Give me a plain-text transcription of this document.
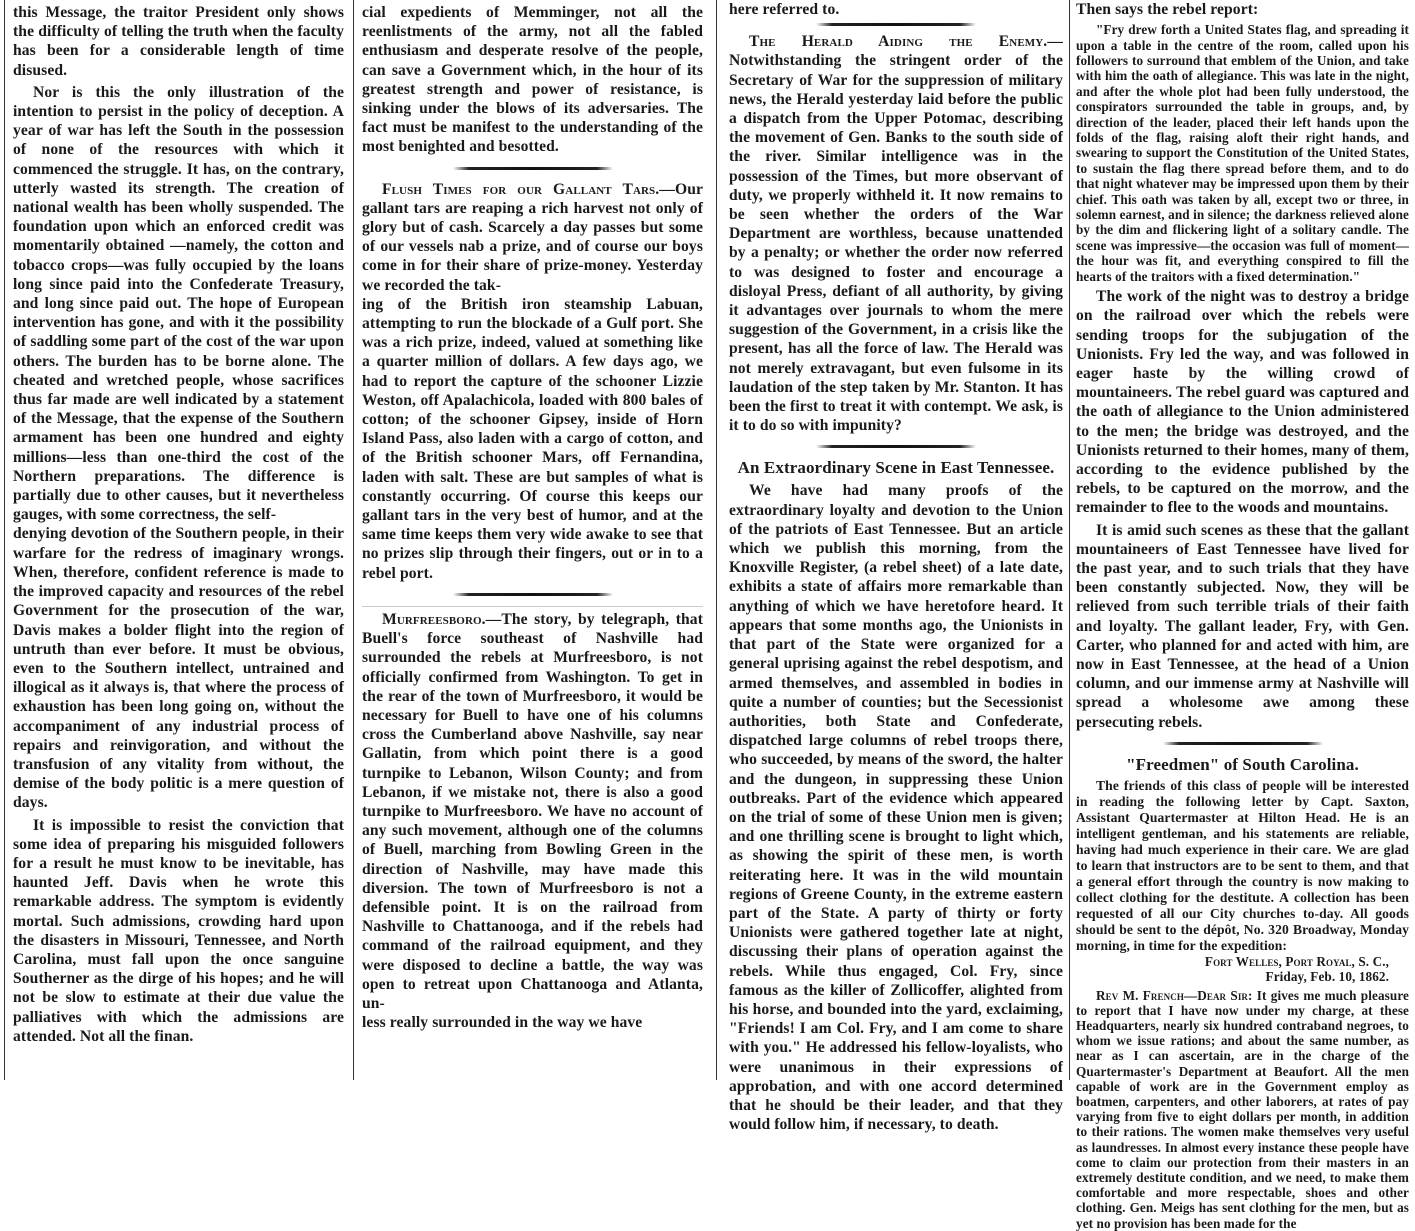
this Message, the traitor President only shows the difficulty of telling the truth when the faculty has been for a considerable length of time disused.

Nor is this the only illustration of the intention to persist in the policy of deception. A year of war has left the South in the possession of none of the resources with which it commenced the struggle. It has, on the contrary, utterly wasted its strength. The creation of national wealth has been wholly suspended. The foundation upon which an enforced credit was momentarily obtained —namely, the cotton and tobacco crops—was fully occupied by the loans long since paid into the Confederate Treasury, and long since paid out. The hope of European intervention has gone, and with it the possibility of saddling some part of the cost of the war upon others. The burden has to be borne alone. The cheated and wretched people, whose sacrifices thus far made are well indicated by a statement of the Message, that the expense of the Southern armament has been one hundred and eighty millions—less than one-third the cost of the Northern preparations. The difference is partially due to other causes, but it nevertheless gauges, with some correctness, the self-

denying devotion of the Southern people, in their warfare for the redress of imaginary wrongs. When, therefore, confident reference is made to the improved capacity and resources of the rebel Government for the prosecution of the war, Davis makes a bolder flight into the region of untruth than ever before. It must be obvious, even to the Southern intellect, untrained and illogical as it always is, that where the process of exhaustion has been long going on, without the accompaniment of any industrial process of repairs and reinvigoration, and without the transfusion of any vitality from without, the demise of the body politic is a mere question of days.

It is impossible to resist the conviction that some idea of preparing his misguided followers for a result he must know to be inevitable, has haunted Jeff. Davis when he wrote this remarkable address. The symptom is evidently mortal. Such admissions, crowding hard upon the disasters in Missouri, Tennessee, and North Carolina, must fall upon the once sanguine Southerner as the dirge of his hopes; and he will not be slow to estimate at their due value the palliatives with which the admissions are attended. Not all the finan.

cial expedients of Memminger, not all the reenlistments of the army, not all the fabled enthusiasm and desperate resolve of the people, can save a Government which, in the hour of its greatest strength and power of resistance, is sinking under the blows of its adversaries. The fact must be manifest to the understanding of the most benighted and besotted.

Flush Times for our Gallant Tars.—Our gallant tars are reaping a rich harvest not only of glory but of cash. Scarcely a day passes but some of our vessels nab a prize, and of course our boys come in for their share of prize-money. Yesterday we recorded the tak-

ing of the British iron steamship Labuan, attempting to run the blockade of a Gulf port. She was a rich prize, indeed, valued at something like a quarter million of dollars. A few days ago, we had to report the capture of the schooner Lizzie Weston, off Apalachicola, loaded with 800 bales of cotton; of the schooner Gipsey, inside of Horn Island Pass, also laden with a cargo of cotton, and of the British schooner Mars, off Fernandina, laden with salt. These are but samples of what is constantly occurring. Of course this keeps our gallant tars in the very best of humor, and at the same time keeps them very wide awake to see that no prizes slip through their fingers, out or in to a rebel port.

Murfreesboro.—The story, by telegraph, that Buell's force southeast of Nashville had surrounded the rebels at Murfreesboro, is not officially confirmed from Washington. To get in the rear of the town of Murfreesboro, it would be necessary for Buell to have one of his columns cross the Cumberland above Nashville, say near Gallatin, from which point there is a good turnpike to Lebanon, Wilson County; and from Lebanon, if we mistake not, there is also a good turnpike to Murfreesboro. We have no account of any such movement, although one of the columns of Buell, marching from Bowling Green in the direction of Nashville, may have made this diversion. The town of Murfreesboro is not a defensible point. It is on the railroad from Nashville to Chattanooga, and if the rebels had command of the railroad equipment, and they were disposed to decline a battle, the way was open to retreat upon Chattanooga and Atlanta, un-

less really surrounded in the way we have

here referred to.

The Herald Aiding the Enemy.—Notwithstanding the stringent order of the Secretary of War for the suppression of military news, the Herald yesterday laid before the public a dispatch from the Upper Potomac, describing the movement of Gen. Banks to the south side of the river. Similar intelligence was in the possession of the Times, but more observant of duty, we properly withheld it. It now remains to be seen whether the orders of the War Department are worthless, because unattended by a penalty; or whether the order now referred to was designed to foster and encourage a disloyal Press, defiant of all authority, by giving it advantages over journals to whom the mere suggestion of the Government, in a crisis like the present, has all the force of law. The Herald was not merely extravagant, but even fulsome in its laudation of the step taken by Mr. Stanton. It has been the first to treat it with contempt. We ask, is it to do so with impunity?

An Extraordinary Scene in East Tennessee.

We have had many proofs of the extraordinary loyalty and devotion to the Union of the patriots of East Tennessee. But an article which we publish this morning, from the Knoxville Register, (a rebel sheet) of a late date, exhibits a state of affairs more remarkable than anything of which we have heretofore heard. It appears that some months ago, the Unionists in that part of the State were organized for a general uprising against the rebel despotism, and armed themselves, and assembled in bodies in quite a number of counties; but the Secessionist authorities, both State and Confederate, dispatched large columns of rebel troops there, who succeeded, by means of the sword, the halter and the dungeon, in suppressing these Union outbreaks. Part of the evidence which appeared on the trial of some of these Union men is given; and one thrilling scene is brought to light which, as showing the spirit of these men, is worth reiterating here. It was in the wild mountain regions of Greene County, in the extreme eastern part of the State. A party of thirty or forty Unionists were gathered together late at night, discussing their plans of operation against the rebels. While thus engaged, Col. Fry, since famous as the killer of Zollicoffer, alighted from his horse, and bounded into the yard, exclaiming, "Friends! I am Col. Fry, and I am come to share with you." He addressed his fellow-loyalists, who were unanimous in their expressions of approbation, and with one accord determined that he should be their leader, and that they would follow him, if necessary, to death.

Then says the rebel report:

"Fry drew forth a United States flag, and spreading it upon a table in the centre of the room, called upon his followers to surround that emblem of the Union, and take with him the oath of allegiance. This was late in the night, and after the whole plot had been fully understood, the conspirators surrounded the table in groups, and, by direction of the leader, placed their left hands upon the folds of the flag, raising aloft their right hands, and swearing to support the Constitution of the United States, to sustain the flag there spread before them, and to do that night whatever may be impressed upon them by their chief. This oath was taken by all, except two or three, in solemn earnest, and in silence; the darkness relieved alone by the dim and flickering light of a solitary candle. The scene was impressive—the occasion was full of moment—the hour was fit, and everything conspired to fill the hearts of the traitors with a fixed determination."

The work of the night was to destroy a bridge on the railroad over which the rebels were sending troops for the subjugation of the Unionists. Fry led the way, and was followed in eager haste by the willing crowd of mountaineers. The rebel guard was captured and the oath of allegiance to the Union administered to the men; the bridge was destroyed, and the Unionists returned to their homes, many of them, according to the evidence published by the rebels, to be captured on the morrow, and the remainder to flee to the woods and mountains.

It is amid such scenes as these that the gallant mountaineers of East Tennessee have lived for the past year, and to such trials that they have been constantly subjected. Now, they will be relieved from such terrible trials of their faith and loyalty. The gallant leader, Fry, with Gen. Carter, who planned for and acted with him, are now in East Tennessee, at the head of a Union column, and our immense army at Nashville will spread a wholesome awe among these persecuting rebels.

"Freedmen" of South Carolina.

The friends of this class of people will be interested in reading the following letter by Capt. Saxton, Assistant Quartermaster at Hilton Head. He is an intelligent gentleman, and his statements are reliable, having had much experience in their care. We are glad to learn that instructors are to be sent to them, and that a general effort through the country is now making to collect clothing for the destitute. A collection has been requested of all our City churches to-day. All goods should be sent to the dépôt, No. 320 Broadway, Monday morning, in time for the expedition:

Fort Welles, Port Royal, S. C.,

Friday, Feb. 10, 1862.

Rev M. French—Dear Sir: It gives me much pleasure to report that I have now under my charge, at these Headquarters, nearly six hundred contraband negroes, to whom we issue rations; and about the same number, as near as I can ascertain, are in the charge of the Quartermaster's Department at Beaufort. All the men capable of work are in the Government employ as boatmen, carpenters, and other laborers, at rates of pay varying from five to eight dollars per month, in addition to their rations. The women make themselves very useful as laundresses. In almost every instance these people have come to claim our protection from their masters in an extremely destitute condition, and we need, to make them comfortable and more respectable, shoes and other clothing. Gen. Meigs has sent clothing for the men, but as yet no provision has been made for the
